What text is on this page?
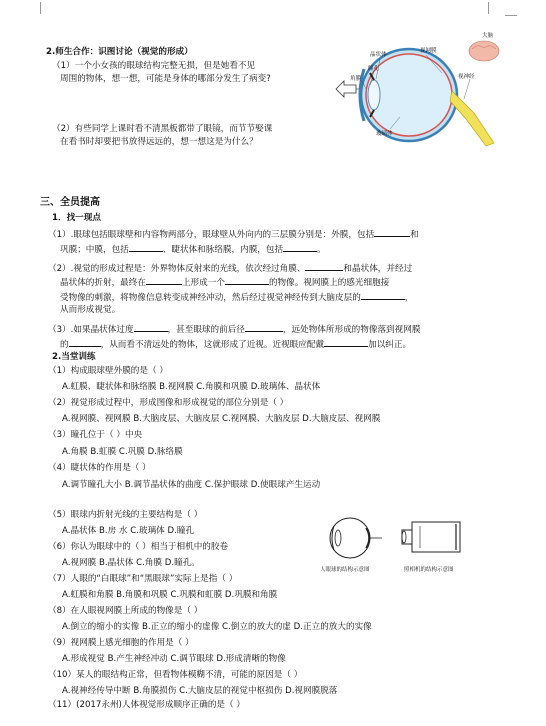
2.师生合作：识图讨论（视觉的形成）
（1）一个小女孩的眼球结构完整无损，但是她看不见
周围的物体，想一想，可能是身体的哪部分发生了病变?
（2）有些同学上课时看不清黑板都带了眼镜，而节节娶课
在看书时却要把书放得远远的，想一想这是为什么？
晶状体
视网膜
瞳孔
大脑
角膜	视神经
玻璃体
三、全员提高
1．找一现点
（1）.眼球包括眼球壁和内容物两部分，眼球壁从外向内的三层膜分别是：外膜，包括	和
巩膜；中膜，包括	、睫状体和脉络膜，内膜，包括	。
（2）.视觉的形成过程是：外界物体反射来的光线，依次经过角膜、	和晶状体，并经过
晶状体的折射，最终在	上形成一个	的物像。视网膜上的感光细胞接
受物像的刺激，将物像信息转变成神经冲动，然后经过视觉神经传到大脑皮层的	，
从而形成视觉。
（3）.如果晶状体过度	，甚至眼球的前后径	，远处物体所形成的物像落到视网膜
的	，从而看不清远处的物体，这就形成了近视。近视眼应配戴	加以纠正。
2.当堂训练
（1）构成眼球壁外膜的是（ ）
A.虹膜、睫状体和脉络膜 B.视网膜 C.角膜和巩膜 D.玻璃体、晶状体
（2）视觉形成过程中，形成图像和形成视觉的部位分别是（ ）
A.视网膜、视网膜 B.大脑皮层、大脑皮层 C.视网膜、大脑皮层 D.大脑皮层、视网膜
（3）瞳孔位于（ ）中央
A.角膜 B.虹膜 C.巩膜 D.脉络膜
（4）睫状体的作用是（ ）
A.调节瞳孔大小 B.调节晶状体的曲度 C.保护眼球 D.使眼球产生运动
（5）眼球内折射光线的主要结构是（ ）
A.晶状体 B.房 水 C.玻璃体 D.瞳孔
（6）你认为眼球中的（ ）相当于相机中的胶卷
A.视网膜 B.晶状体 C.角膜 D.瞳孔。
（7）人眼的“白眼球”和“黑眼球”实际上是指（ ）
A.虹膜和角膜 B.角膜和巩膜 C.巩膜和虹膜 D.巩膜和角膜
（8）在人眼视网膜上所成的物像是（ ）
A.倒立的缩小的实像 B.正立的缩小的虚像 C.倒立的放大的虚 D.正立的放大的实像
（9）视网膜上感光细胞的作用是（ ）
A.形成视觉 B.产生神经冲动 C.调节眼球 D.形成清晰的物像
（10）某人的眼结构正常，但看物体模糊不清，可能的原因是（ ）
A.视神经传导中断 B.角膜损伤 C.大脑皮层的视觉中枢损伤 D.视网膜脱落
（11）(2017永州)人体视觉形成顺序正确的是（ ）
人眼球的结构示意图	照相机的结构示意图
